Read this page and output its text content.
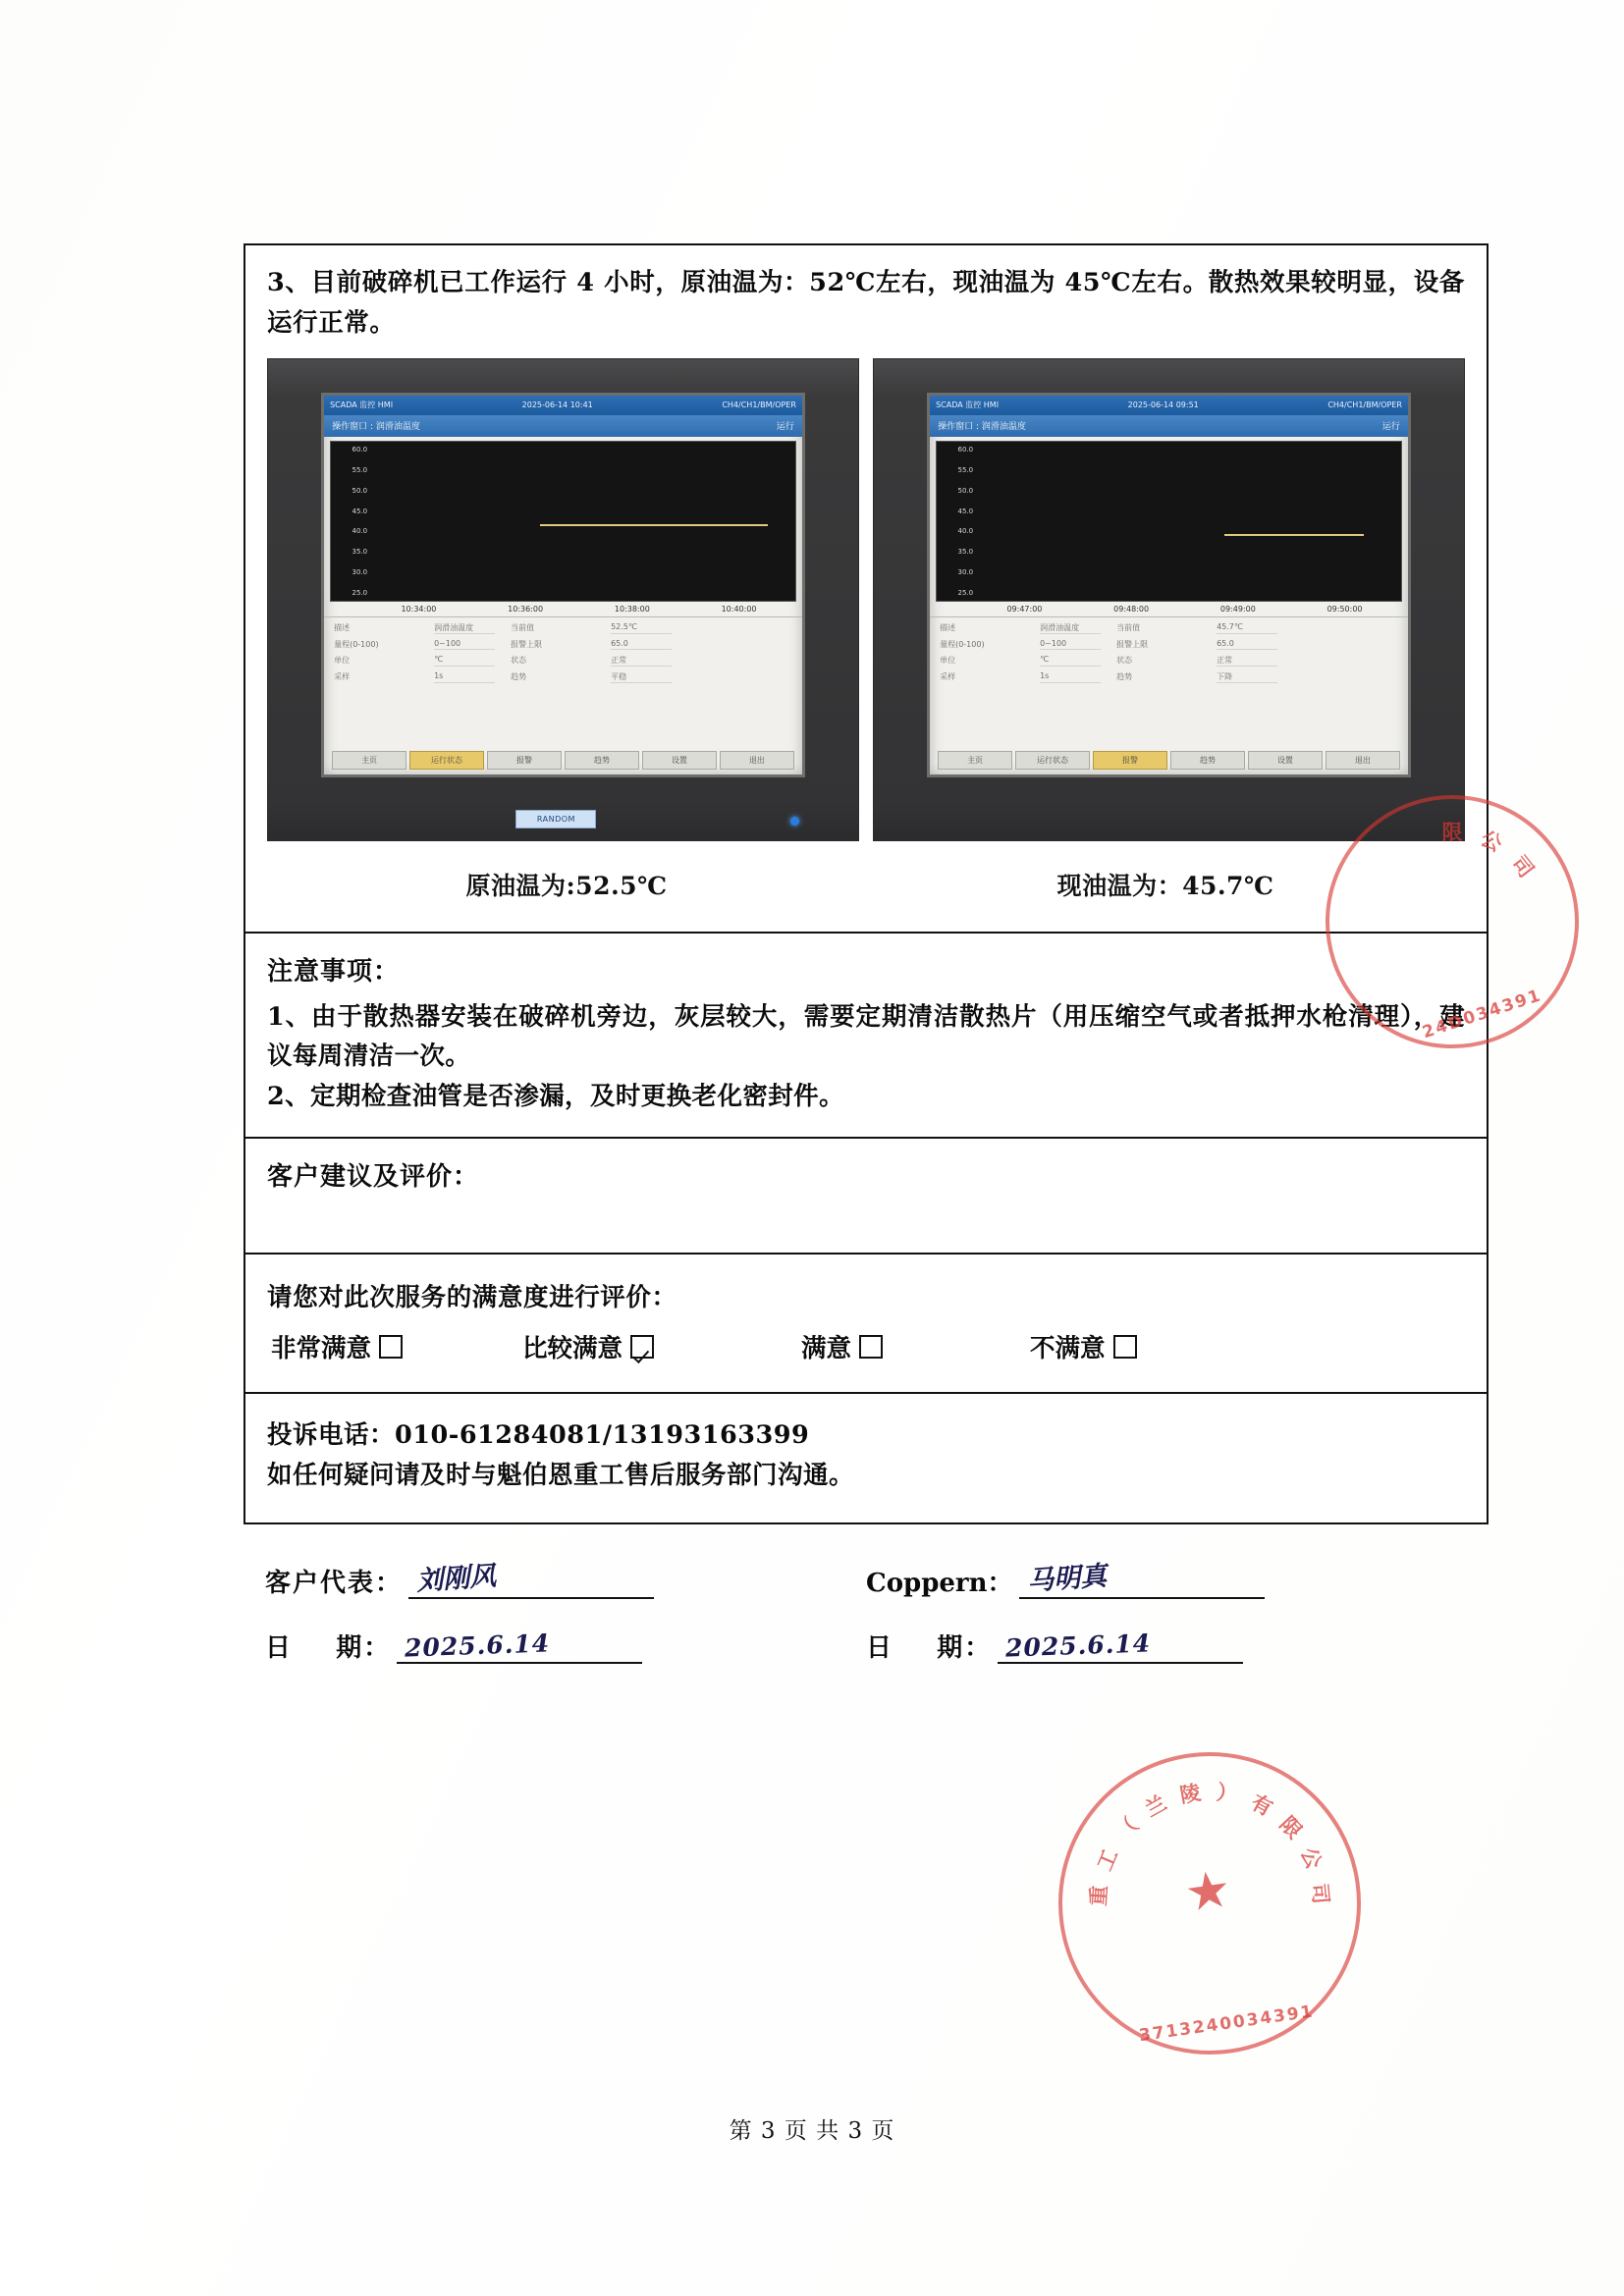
3、目前破碎机已工作运行 4 小时，原油温为：52℃左右，现油温为 45℃左右。散热效果较明显，设备运行正常。
SCADA 监控 HMI	2025-06-14 10:41	CH4/CH1/BM/OPER
操作窗口 : 润滑油温度	运行
60.0
55.0
50.0
45.0
40.0
35.0
30.0
25.0
10:34:00	10:36:00	10:38:00	10:40:00
描述	润滑油温度	当前值	52.5℃
量程(0-100)	0~100	报警上限	65.0
单位	℃	状态	正常
采样	1s	趋势	平稳
主页	运行状态	报警	趋势	设置	退出
RANDOM
SCADA 监控 HMI	2025-06-14 09:51	CH4/CH1/BM/OPER
操作窗口 : 润滑油温度	运行
60.0
55.0
50.0
45.0
40.0
35.0
30.0
25.0
09:47:00	09:48:00	09:49:00	09:50:00
描述	润滑油温度	当前值	45.7℃
量程(0-100)	0~100	报警上限	65.0
单位	℃	状态	正常
采样	1s	趋势	下降
主页	运行状态	报警	趋势	设置	退出
原油温为:52.5℃	现油温为：45.7℃
注意事项：
1、由于散热器安装在破碎机旁边，灰层较大，需要定期清洁散热片（用压缩空气或者抵押水枪清理），建议每周清洁一次。
2、定期检查油管是否渗漏，及时更换老化密封件。
客户建议及评价：
请您对此次服务的满意度进行评价：
非常满意	比较满意	满意	不满意
投诉电话：010-61284081/13193163399
如任何疑问请及时与魁伯恩重工售后服务部门沟通。
客户代表： 刘刚风	Coppern： 马明真
日    期： 2025.6.14	日    期： 2025.6.14
第 3 页 共 3 页
限 公
司
24D034391
重
工
（
兰 陵 ） 有
限
公
司
★
3713240034391
